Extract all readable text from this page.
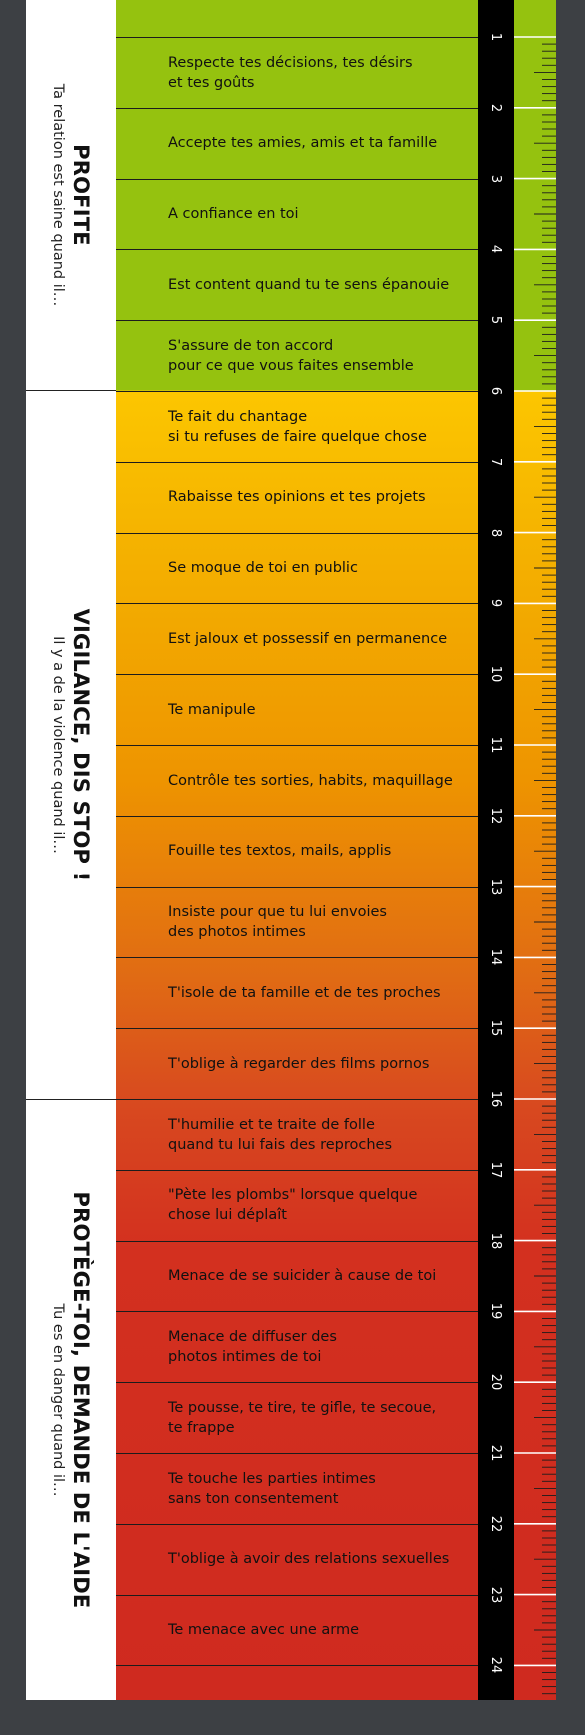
PROFITE
Ta relation est saine quand il…
VIGILANCE, DIS STOP !
Il y a de la violence quand il…
PROTÈGE-TOI, DEMANDE DE L'AIDE
Tu es en danger quand il…
Respecte tes décisions, tes désirs
et tes goûts
Accepte tes amies, amis et ta famille
A confiance en toi
Est content quand tu te sens épanouie
S'assure de ton accord
pour ce que vous faites ensemble
Te fait du chantage
si tu refuses de faire quelque chose
Rabaisse tes opinions et tes projets
Se moque de toi en public
Est jaloux et possessif en permanence
Te manipule
Contrôle tes sorties, habits, maquillage
Fouille tes textos, mails, applis
Insiste pour que tu lui envoies
des photos intimes
T'isole de ta famille et de tes proches
T'oblige à regarder des films pornos
T'humilie et te traite de folle
quand tu lui fais des reproches
"Pète les plombs" lorsque quelque
chose lui déplaît
Menace de se suicider à cause de toi
Menace de diffuser des
photos intimes de toi
Te pousse, te tire, te gifle, te secoue,
te frappe
Te touche les parties intimes
sans ton consentement
T'oblige à avoir des relations sexuelles
Te menace avec une arme
1
2
3
4
5
6
7
8
9
10
11
12
13
14
15
16
17
18
19
20
21
22
23
24
